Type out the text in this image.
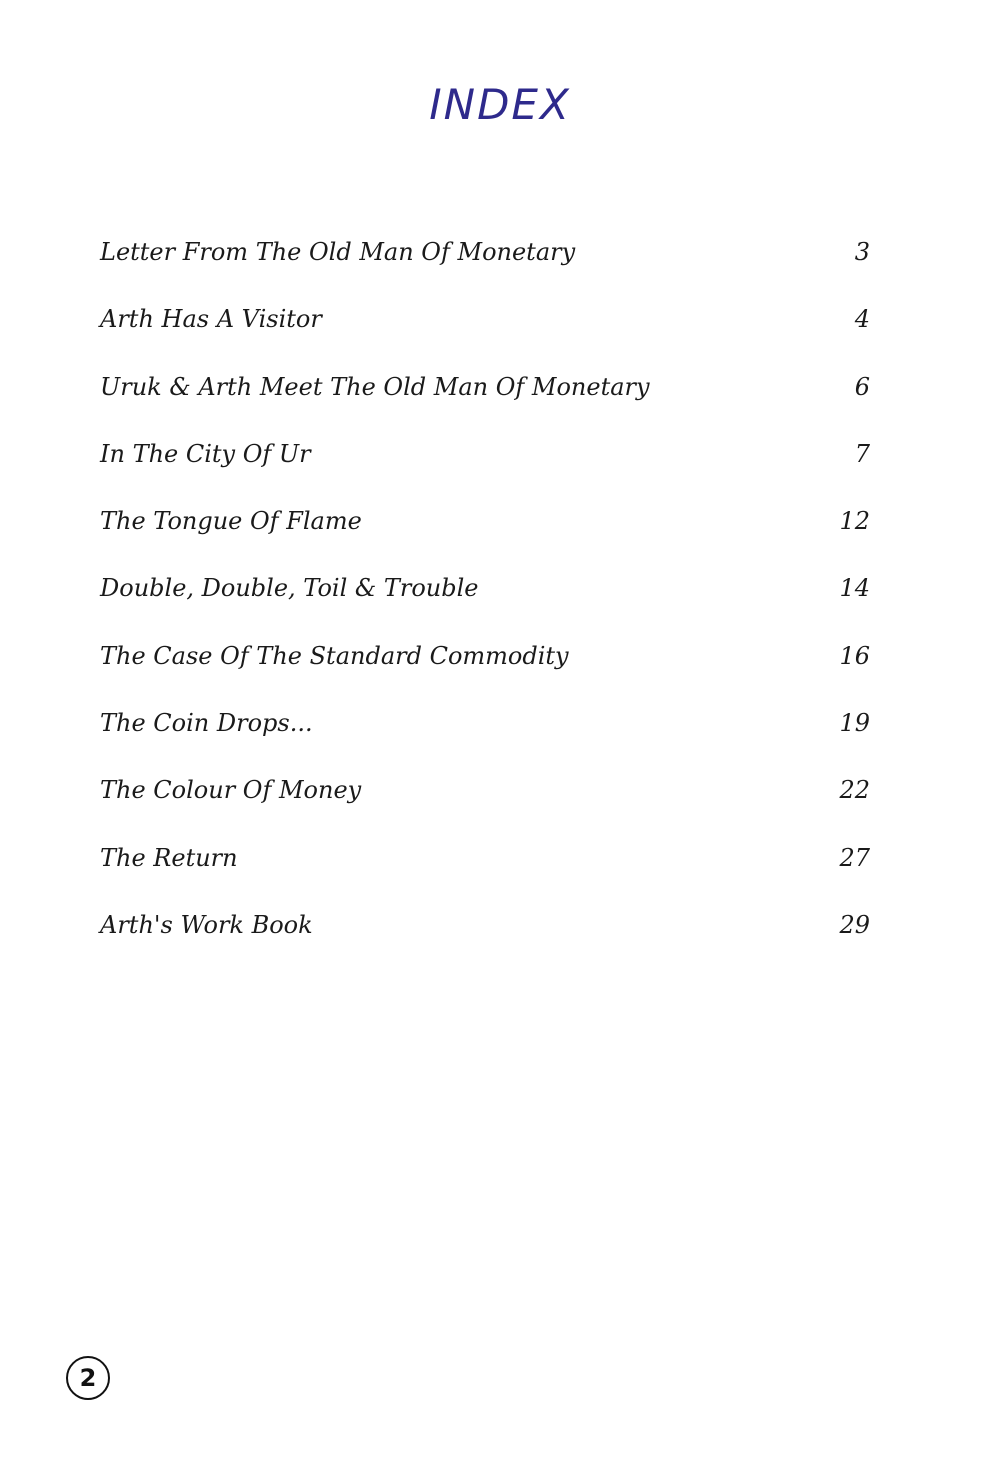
INDEX
Letter From The Old Man Of Monetary	3
Arth Has A Visitor	4
Uruk & Arth Meet The Old Man Of Monetary	6
In The City Of Ur	7
The Tongue Of Flame	12
Double, Double, Toil & Trouble	14
The Case Of The Standard Commodity	16
The Coin Drops...	19
The Colour Of Money	22
The Return	27
Arth's Work Book	29
2
